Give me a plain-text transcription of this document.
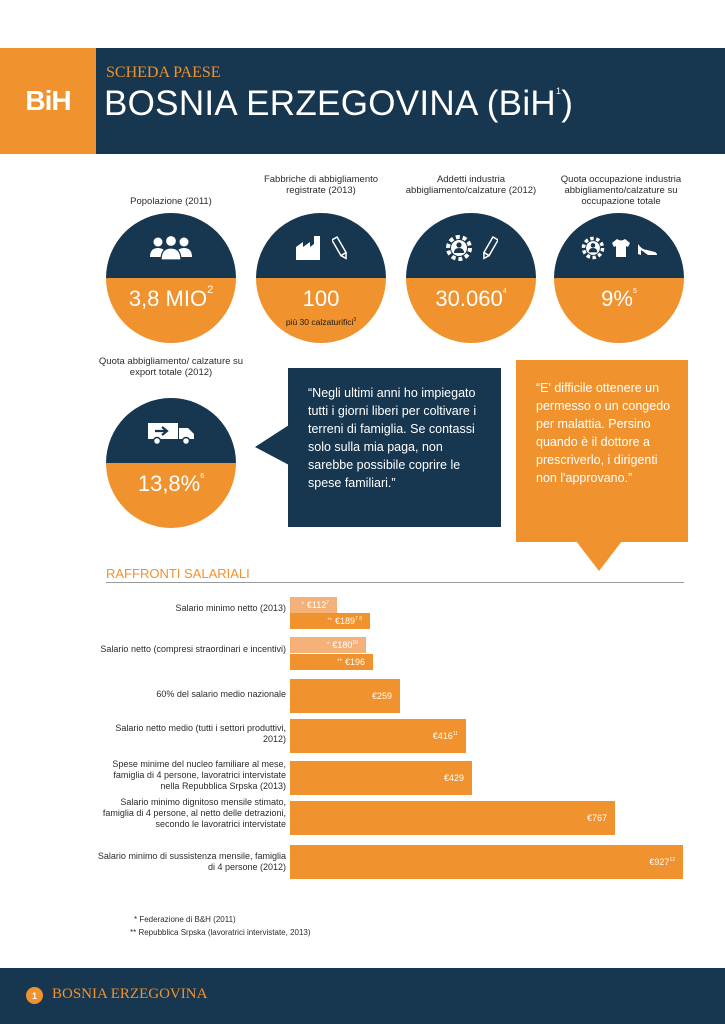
BiH
SCHEDA PAESE
BOSNIA ERZEGOVINA (BiH$^1$)
Popolazione (2011)
3,8 MIO$^2$
Fabbriche di abbigliamento registrate (2013)
100
più 30 calzaturifici$^3$
Addetti industria abbigliamento/calzature (2012)
30.060$^4$
Quota occupazione industria abbigliamento/calzature su occupazione totale
9%$^5$
Quota abbigliamento/ calzature su export totale (2012)
13,8%$^6$
“Negli ultimi anni ho impiegato tutti i giorni liberi per coltivare i terreni di famiglia. Se contassi solo sulla mia paga, non sarebbe possibile coprire le spese familiari.”
“E' difficile ottenere un permesso o un congedo per malattia. Persino quando è il dottore a prescriverlo, i dirigenti non l'approvano.”
RAFFRONTI SALARIALI
Salario minimo netto (2013)
Salario netto (compresi straordinari e incentivi)
60% del salario medio nazionale
Salario netto medio (tutti i settori produttivi, 2012)
Spese minime del nucleo familiare al mese, famiglia di 4 persone, lavoratrici intervistate nella Repubblica Srpska (2013)
Salario minimo dignitoso mensile stimato, famiglia di 4 persone, al netto delle detrazioni, secondo le lavoratrici intervistate
Salario minimo di sussistenza mensile, famiglia di 4 persone (2012)
* $€112^7$
** $€189^{7 8}$
* $€180^{10}$
** €196
€259
$€416^{11}$
€429
€767
$€927^{12}$
* Federazione di B&H (2011)
** Repubblica Srpska (lavoratrici intervistate, 2013)
1	BOSNIA ERZEGOVINA
